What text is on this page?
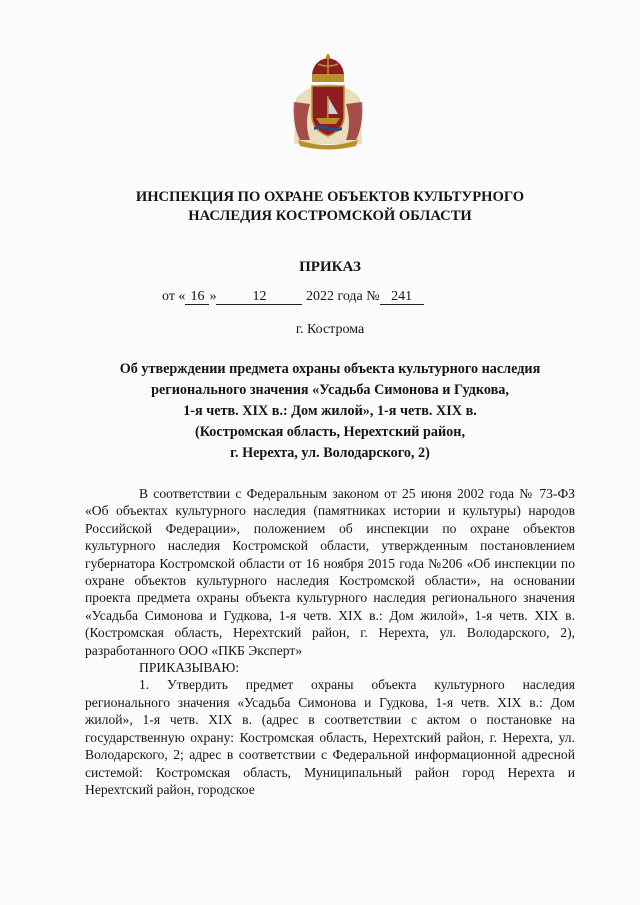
ИНСПЕКЦИЯ ПО ОХРАНЕ ОБЪЕКТОВ КУЛЬТУРНОГО
НАСЛЕДИЯ КОСТРОМСКОЙ ОБЛАСТИ
ПРИКАЗ
от « 16 »	12	2022 года № 241
г. Кострома
Об утверждении предмета охраны объекта культурного наследия
регионального значения «Усадьба Симонова и Гудкова,
1-я четв. XIX в.: Дом жилой», 1-я четв. XIX в.
(Костромская область, Нерехтский район,
г. Нерехта, ул. Володарского, 2)

В соответствии с Федеральным законом от 25 июня 2002 года № 73-ФЗ «Об объектах культурного наследия (памятниках истории и культуры) народов Российской Федерации», положением об инспекции по охране объектов культурного наследия Костромской области, утвержденным постановлением губернатора Костромской области от 16 ноября 2015 года №206 «Об инспекции по охране объектов культурного наследия Костромской области», на основании проекта предмета охраны объекта культурного наследия регионального значения «Усадьба Симонова и Гудкова, 1-я четв. XIX в.: Дом жилой», 1-я четв. XIX в. (Костромская область, Нерехтский район, г. Нерехта, ул. Володарского, 2), разработанного ООО «ПКБ Эксперт»

ПРИКАЗЫВАЮ:

1. Утвердить предмет охраны объекта культурного наследия регионального значения «Усадьба Симонова и Гудкова, 1-я четв. XIX в.: Дом жилой», 1-я четв. XIX в. (адрес в соответствии с актом о постановке на государственную охрану: Костромская область, Нерехтский район, г. Нерехта, ул. Володарского, 2; адрес в соответствии с Федеральной информационной адресной системой: Костромская область, Муниципальный район город Нерехта и Нерехтский район, городское
